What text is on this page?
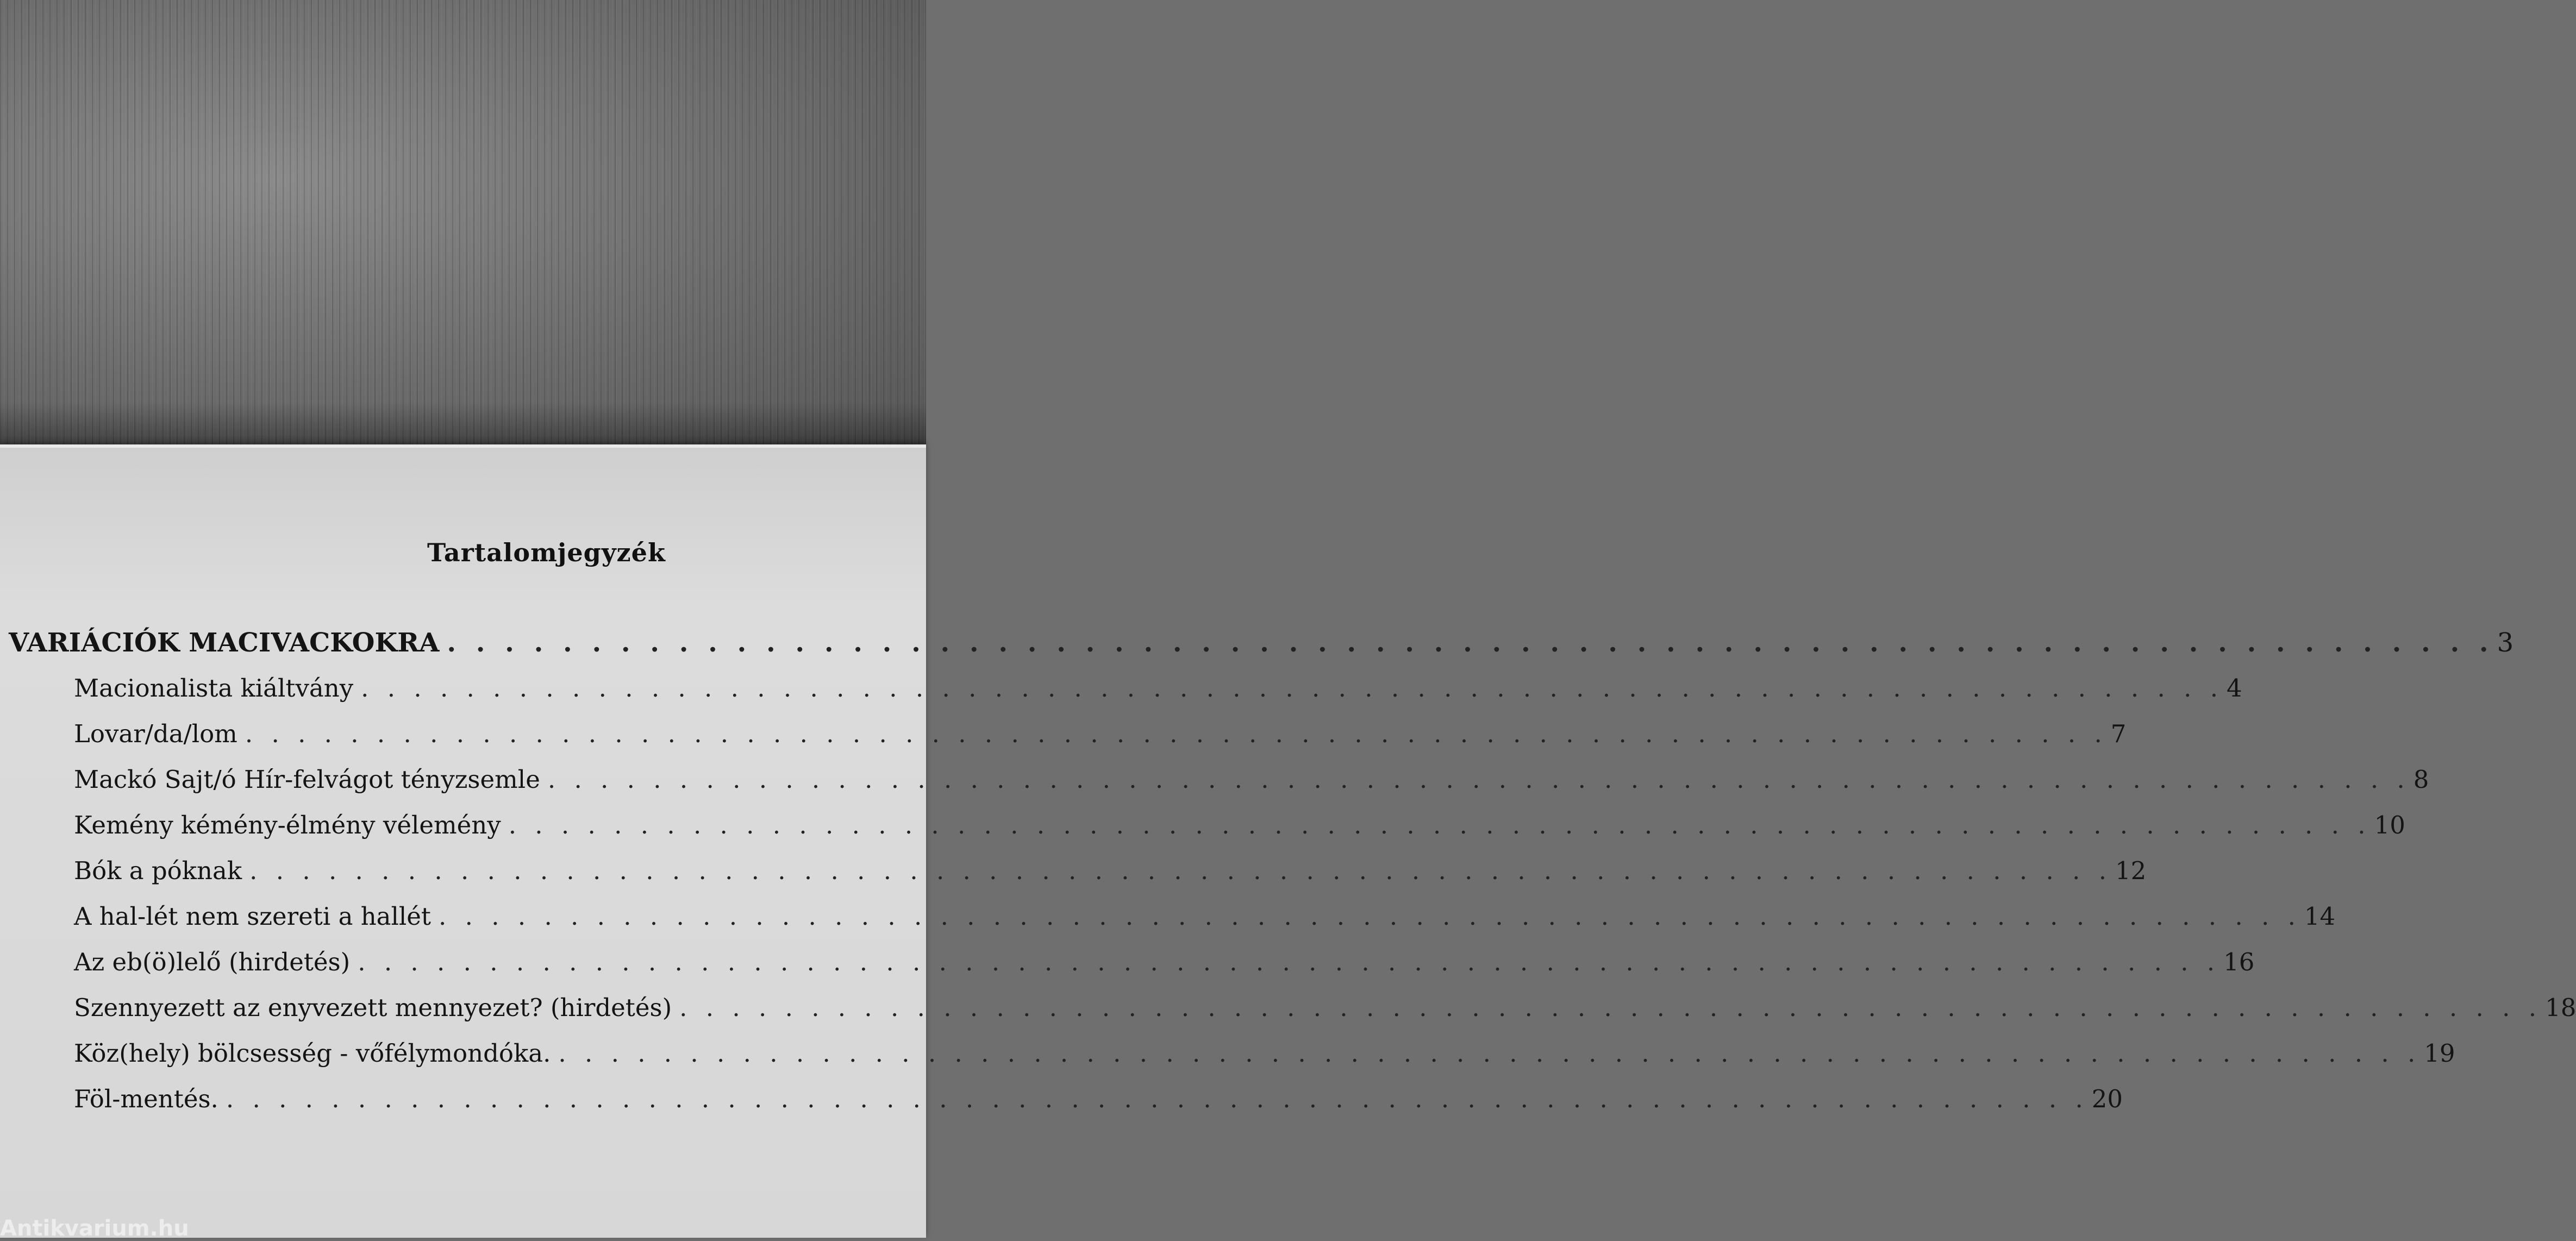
Tartalomjegyzék
VARIÁCIÓK MACIVACKOKRA . . . . . . . . . . . . . . . . . . . . . . . . . . . . . . . . . . . . . . . . . . . . . . . . . . . . . . . . . . . . . . . . . . . . . . . 3
Macionalista kiáltvány . . . . . . . . . . . . . . . . . . . . . . . . . . . . . . . . . . . . . . . . . . . . . . . . . . . . . . . . . . . . . . . . . . . . . . . 4
Lovar/da/lom . . . . . . . . . . . . . . . . . . . . . . . . . . . . . . . . . . . . . . . . . . . . . . . . . . . . . . . . . . . . . . . . . . . . . . . 7
Mackó Sajt/ó Hír-felvágot tényzsemle . . . . . . . . . . . . . . . . . . . . . . . . . . . . . . . . . . . . . . . . . . . . . . . . . . . . . . . . . . . . . . . . . . . . . . . 8
Kemény kémény-élmény vélemény . . . . . . . . . . . . . . . . . . . . . . . . . . . . . . . . . . . . . . . . . . . . . . . . . . . . . . . . . . . . . . . . . . . . . . . 10
Bók a póknak . . . . . . . . . . . . . . . . . . . . . . . . . . . . . . . . . . . . . . . . . . . . . . . . . . . . . . . . . . . . . . . . . . . . . . . 12
A hal-lét nem szereti a hallét . . . . . . . . . . . . . . . . . . . . . . . . . . . . . . . . . . . . . . . . . . . . . . . . . . . . . . . . . . . . . . . . . . . . . . . 14
Az eb(ö)lelő (hirdetés) . . . . . . . . . . . . . . . . . . . . . . . . . . . . . . . . . . . . . . . . . . . . . . . . . . . . . . . . . . . . . . . . . . . . . . . 16
Szennyezett az enyvezett mennyezet? (hirdetés) . . . . . . . . . . . . . . . . . . . . . . . . . . . . . . . . . . . . . . . . . . . . . . . . . . . . . . . . . . . . . . . . . . . . . . . 18
Köz(hely) bölcsesség - vőfélymondóka. . . . . . . . . . . . . . . . . . . . . . . . . . . . . . . . . . . . . . . . . . . . . . . . . . . . . . . . . . . . . . . . . . . . . . . . 19
Föl-mentés. . . . . . . . . . . . . . . . . . . . . . . . . . . . . . . . . . . . . . . . . . . . . . . . . . . . . . . . . . . . . . . . . . . . . . . . 20
Antikvarium.hu
